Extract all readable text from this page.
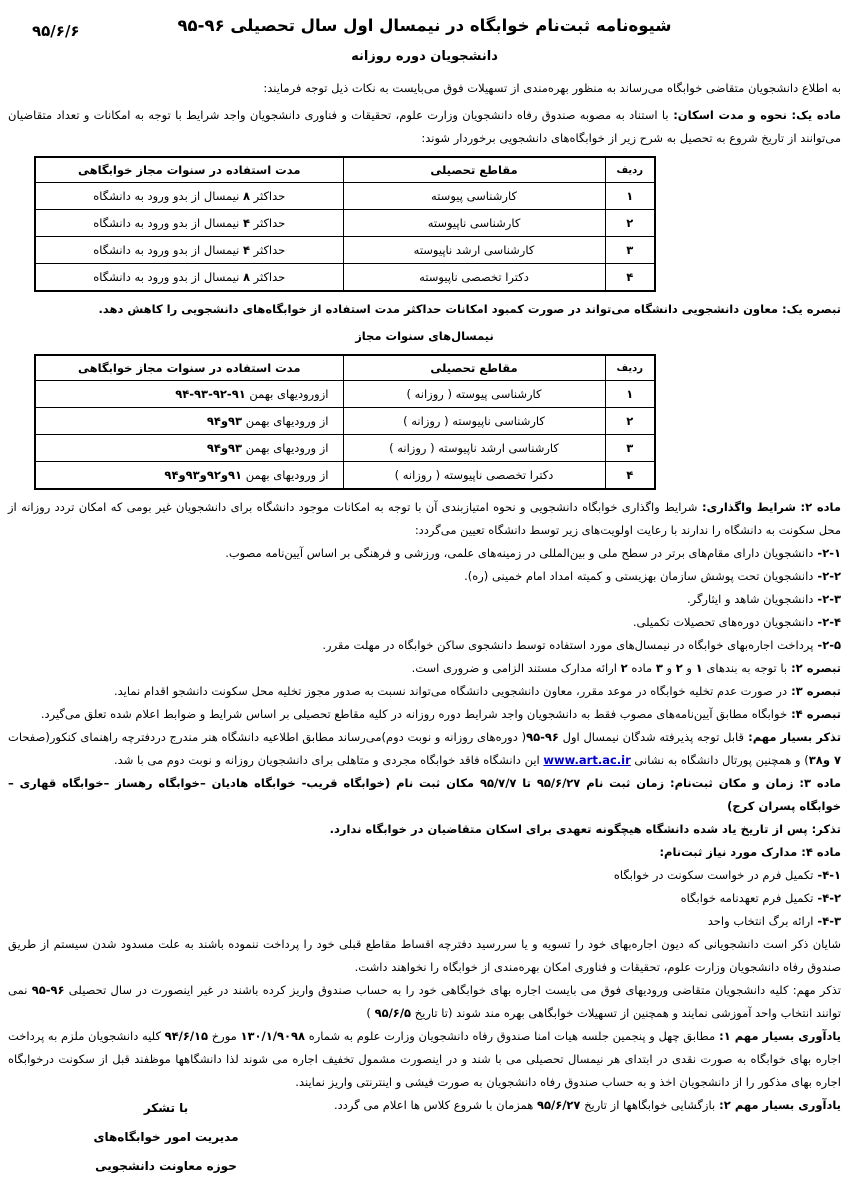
۹۵/۶/۶	شیوه‌نامه ثبت‌نام خوابگاه در نیمسال اول سال تحصیلی ۹۶-۹۵
دانشجویان دوره روزانه

به اطلاع دانشجویان متقاضی خوابگاه می‌رساند به منظور بهره‌مندی از تسهیلات فوق می‌بایست به نکات ذیل توجه فرمایند:

ماده یک: نحوه و مدت اسکان: با استناد به مصوبه صندوق رفاه دانشجویان وزارت علوم، تحقیقات و فناوری دانشجویان واجد شرایط با توجه به امکانات و تعداد متقاضیان می‌توانند از تاریخ شروع به تحصیل به شرح زیر از خوابگاه‌های دانشجویی برخوردار شوند:

ردیف	مقاطع تحصیلی	مدت استفاده در سنوات مجاز خوابگاهی
۱	کارشناسی پیوسته	حداکثر ۸ نیمسال از بدو ورود به دانشگاه
۲	کارشناسی ناپیوسته	حداکثر ۴ نیمسال از بدو ورود به دانشگاه
۳	کارشناسی ارشد ناپیوسته	حداکثر ۴ نیمسال از بدو ورود به دانشگاه
۴	دکترا تخصصی ناپیوسته	حداکثر ۸ نیمسال از بدو ورود به دانشگاه

تبصره یک: معاون دانشجویی دانشگاه می‌تواند در صورت کمبود امکانات حداکثر مدت استفاده از خوابگاه‌های دانشجویی را کاهش دهد.

نیمسال‌های سنوات مجاز

ردیف	مقاطع تحصیلی	مدت استفاده در سنوات مجاز خوابگاهی
۱	کارشناسی پیوسته ( روزانه )	ازورودیهای بهمن ۹۱-۹۲-۹۳-۹۴
۲	کارشناسی ناپیوسته ( روزانه )	از ورودیهای بهمن ۹۳و۹۴
۳	کارشناسی ارشد ناپیوسته ( روزانه )	از ورودیهای بهمن ۹۳و۹۴
۴	دکترا تخصصی ناپیوسته ( روزانه )	از ورودیهای بهمن ۹۱و۹۲و۹۳و۹۴

ماده ۲: شرایط واگذاری: شرایط واگذاری خوابگاه دانشجویی و نحوه امتیازبندی آن با توجه به امکانات موجود دانشگاه برای دانشجویان غیر بومی که امکان تردد روزانه از محل سکونت به دانشگاه را ندارند با رعایت اولویت‌های زیر توسط دانشگاه تعیین می‌گردد:

۲-۱- دانشجویان دارای مقام‌های برتر در سطح ملی و بین‌المللی در زمینه‌های علمی، ورزشی و فرهنگی بر اساس آیین‌نامه مصوب.

۲-۲- دانشجویان تحت پوشش سازمان بهزیستی و کمیته امداد امام خمینی (ره).

۲-۳- دانشجویان شاهد و ایثارگر.

۲-۴- دانشجویان دوره‌های تحصیلات تکمیلی.

۲-۵- پرداخت اجاره‌بهای خوابگاه در نیمسال‌های مورد استفاده توسط دانشجوی ساکن خوابگاه در مهلت مقرر.

تبصره ۲: با توجه به بندهای ۱ و ۲ و ۳ ماده ۲ ارائه مدارک مستند الزامی و ضروری است.

تبصره ۳: در صورت عدم تخلیه خوابگاه در موعد مقرر، معاون دانشجویی دانشگاه می‌تواند نسبت به صدور مجوز تخلیه محل سکونت دانشجو اقدام نماید.

تبصره ۴: خوابگاه مطابق آیین‌نامه‌های مصوب فقط به دانشجویان واجد شرایط دوره روزانه در کلیه مقاطع تحصیلی بر اساس شرایط و ضوابط اعلام شده تعلق می‌گیرد.

تذکر بسیار مهم: قابل توجه پذیرفته شدگان نیمسال اول ۹۶-۹۵( دوره‌های روزانه و نوبت دوم)می‌رساند مطابق اطلاعیه دانشگاه هنر مندرج دردفترچه راهنمای کنکور(صفحات ۷ و۳۸) و همچنین پورتال دانشگاه به نشانی www.art.ac.ir این دانشگاه فاقد خوابگاه مجردی و متاهلی برای دانشجویان روزانه و نوبت دوم می با شد.

ماده ۳: زمان و مکان ثبت‌نام: زمان ثبت نام ۹۵/۶/۲۷ تا ۹۵/۷/۷ مکان ثبت نام (خوابگاه قریب- خوابگاه هادیان –خوابگاه رهساز –خوابگاه قهاری – خوابگاه پسران کرج)

تذکر: پس از تاریخ یاد شده دانشگاه هیچگونه تعهدی برای اسکان متقاضیان در خوابگاه ندارد.

ماده ۴: مدارک مورد نیاز ثبت‌نام:

۴-۱- تکمیل فرم در خواست سکونت در خوابگاه

۴-۲- تکمیل فرم تعهدنامه خوابگاه

۴-۳- ارائه برگ انتخاب واحد

شایان ذکر است دانشجویانی که دیون اجاره‌بهای خود را تسویه و یا سررسید دفترچه اقساط مقاطع قبلی خود را پرداخت ننموده باشند به علت مسدود شدن سیستم از طریق صندوق رفاه دانشجویان وزارت علوم، تحقیقات و فناوری امکان بهره‌مندی از خوابگاه را نخواهند داشت.

تذکر مهم: کلیه دانشجویان متقاضی ورودیهای فوق می بایست اجاره بهای خوابگاهی خود را به حساب صندوق واریز کرده باشند در غیر اینصورت در سال تحصیلی ۹۶-۹۵ نمی توانند انتخاب واحد آموزشی نمایند و همچنین از تسهیلات خوابگاهی بهره مند شوند (تا تاریخ ۹۵/۶/۵ )

یادآوری بسیار مهم ۱: مطابق چهل و پنجمین جلسه هیات امنا صندوق رفاه دانشجویان وزارت علوم به شماره ۱۳۰/۱/۹۰۹۸ مورخ ۹۴/۶/۱۵ کلیه دانشجویان ملزم به پرداخت اجاره بهای خوابگاه به صورت نقدی در ابتدای هر نیمسال تحصیلی می با شند و در اینصورت مشمول تخفیف اجاره می شوند لذا دانشگاهها موظفند قبل از سکونت درخوابگاه اجاره بهای مذکور را از دانشجویان اخذ و به حساب صندوق رفاه دانشجویان به صورت فیشی و اینترنتی واریز نمایند.

یادآوری بسیار مهم ۲: بازگشایی خوابگاهها از تاریخ ۹۵/۶/۲۷ همزمان با شروع کلاس ها اعلام می گردد.

با تشکر
مدیریت امور خوابگاه‌های
حوزه معاونت دانشجویی
